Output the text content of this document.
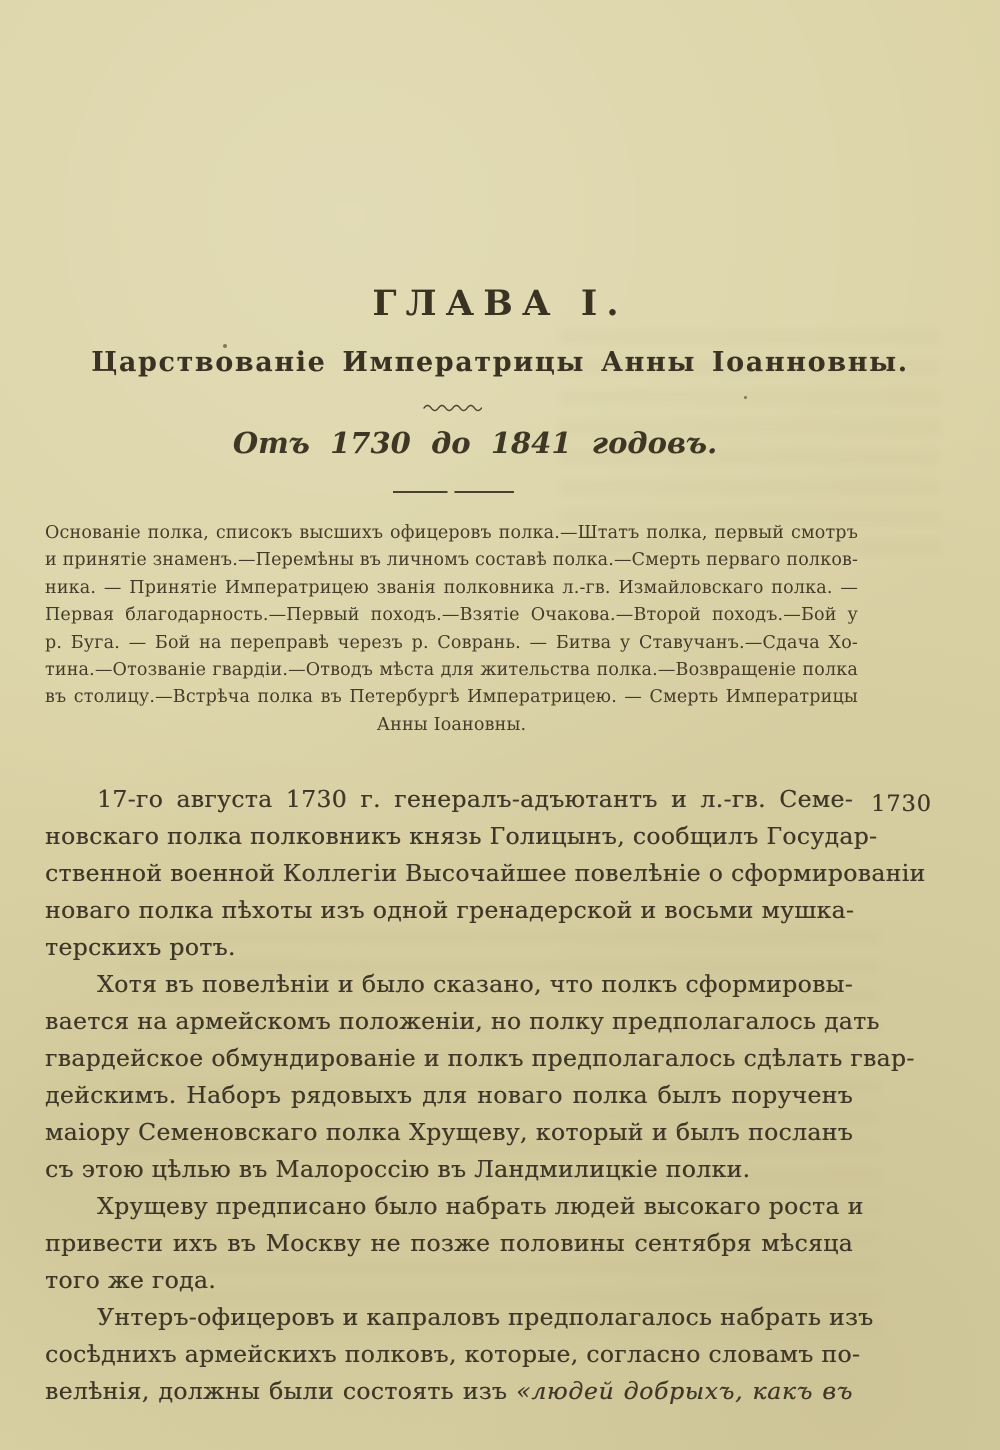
ГЛАВА I.
Царствованіе Императрицы Анны Іоанновны.
Отъ 1730 до 1841 годовъ.
Основаніе полка, списокъ высшихъ офицеровъ полка.—Штатъ полка, первый смотръ
и принятіе знаменъ.—Перемѣны въ личномъ составѣ полка.—Смерть перваго полков-
ника. — Принятіе Императрицею званія полковника л.-гв. Измайловскаго полка. —
Первая благодарность.—Первый походъ.—Взятіе Очакова.—Второй походъ.—Бой у
р. Буга. — Бой на переправѣ черезъ р. Соврань. — Битва у Ставучанъ.—Сдача Хо-
тина.—Отозваніе гвардіи.—Отводъ мѣста для жительства полка.—Возвращеніе полка
въ столицу.—Встрѣча полка въ Петербургѣ Императрицею. — Смерть Императрицы
Анны Іоановны.
17-го августа 1730 г. генералъ-адъютантъ и л.-гв. Семе-
новскаго полка полковникъ князь Голицынъ, сообщилъ Государ-
ственной военной Коллегіи Высочайшее повелѣніе о сформированіи
новаго полка пѣхоты изъ одной гренадерской и восьми мушка-
терскихъ ротъ.
Хотя въ повелѣніи и было сказано, что полкъ сформировы-
вается на армейскомъ положеніи, но полку предполагалось дать
гвардейское обмундированіе и полкъ предполагалось сдѣлать гвар-
дейскимъ. Наборъ рядовыхъ для новаго полка былъ порученъ
маіору Семеновскаго полка Хрущеву, который и былъ посланъ
съ этою цѣлью въ Малороссію въ Ландмилицкіе полки.
Хрущеву предписано было набрать людей высокаго роста и
привести ихъ въ Москву не позже половины сентября мѣсяца
того же года.
Унтеръ-офицеровъ и капраловъ предполагалось набрать изъ
сосѣднихъ армейскихъ полковъ, которые, согласно словамъ по-
велѣнія, должны были состоять изъ «людей добрыхъ, какъ въ
1730
